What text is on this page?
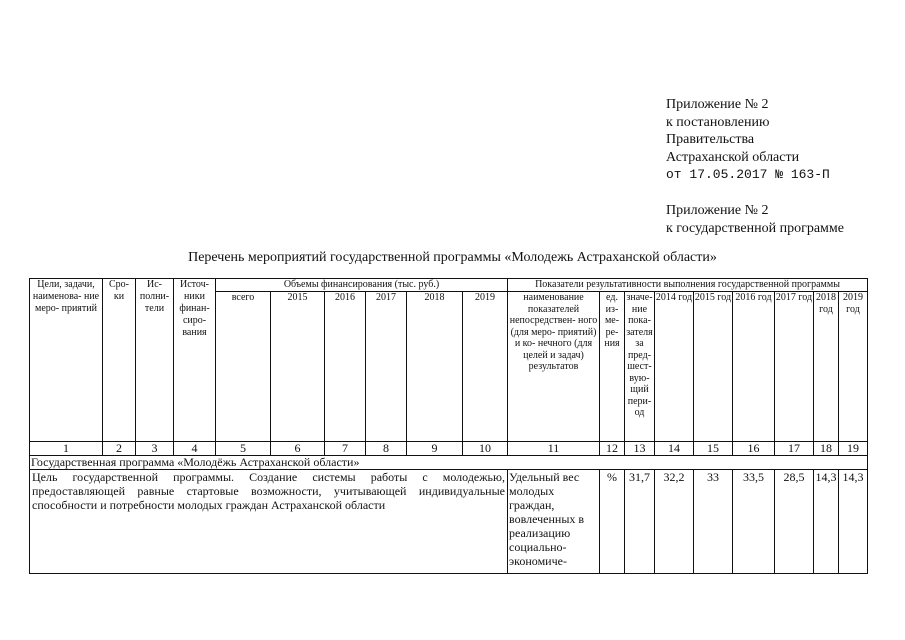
Приложение № 2
к постановлению
Правительства
Астраханской области
от 17.05.2017 № 163-П
Приложение № 2
к государственной программе
Перечень мероприятий государственной программы «Молодежь Астраханской области»
Цели, задачи, наименова- ние меро- приятий	Сро- ки	Ис- полни- тели	Источ- ники финан- сиро- вания	Объемы финансирования (тыс. руб.)						Показатели результативности выполнения государственной программы								
				всего	2015	2016	2017	2018	2019	наименование показателей непосредствен- ного (для меро- приятий) и ко- нечного (для целей и задач) результатов	ед. из- ме- ре- ния	значе- ние пока- зателя за пред- шест- вую- щий пери- од	2014 год	2015 год	2016 год	2017 год	2018 год	2019 год
1	2	3	4	5	6	7	8	9	10	11	12	13	14	15	16	17	18	19
Государственная программа «Молодёжь Астраханской области»																		
Цель государственной программы. Создание системы работы с молодежью, предоставляющей равные стартовые возможности, учитывающей индивидуальные способности и потребности молодых граждан Астраханской области										Удельный вес молодых граждан, вовлеченных в реализацию социально-экономиче-	%	31,7	32,2	33	33,5	28,5	14,3	14,3
